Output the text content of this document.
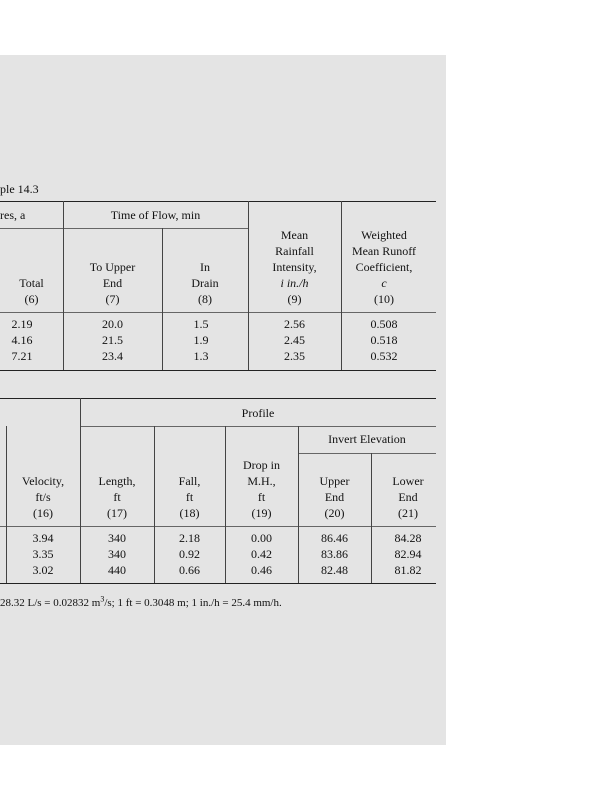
ple 14.3
res, a	Time of Flow, min
Total
(6)
To Upper
End
(7)
In
Drain
(8)
Mean
Rainfall
Intensity,
i in./h
(9)
Weighted
Mean Runoff
Coefficient,
c
(10)
2.19	20.0	1.5	2.56	0.508
4.16	21.5	1.9	2.45	0.518
7.21	23.4	1.3	2.35	0.532
Profile
Invert Elevation
Velocity,
ft/s
(16)
Length,
ft
(17)
Fall,
ft
(18)
Drop in
M.H.,
ft
(19)
Upper
End
(20)
Lower
End
(21)
3.94	340	2.18	0.00	86.46	84.28
3.35	340	0.92	0.42	83.86	82.94
3.02	440	0.66	0.46	82.48	81.82
28.32 L/s = 0.02832 $m^3/s$; 1 ft = 0.3048 m; 1 in./h = 25.4 mm/h.
